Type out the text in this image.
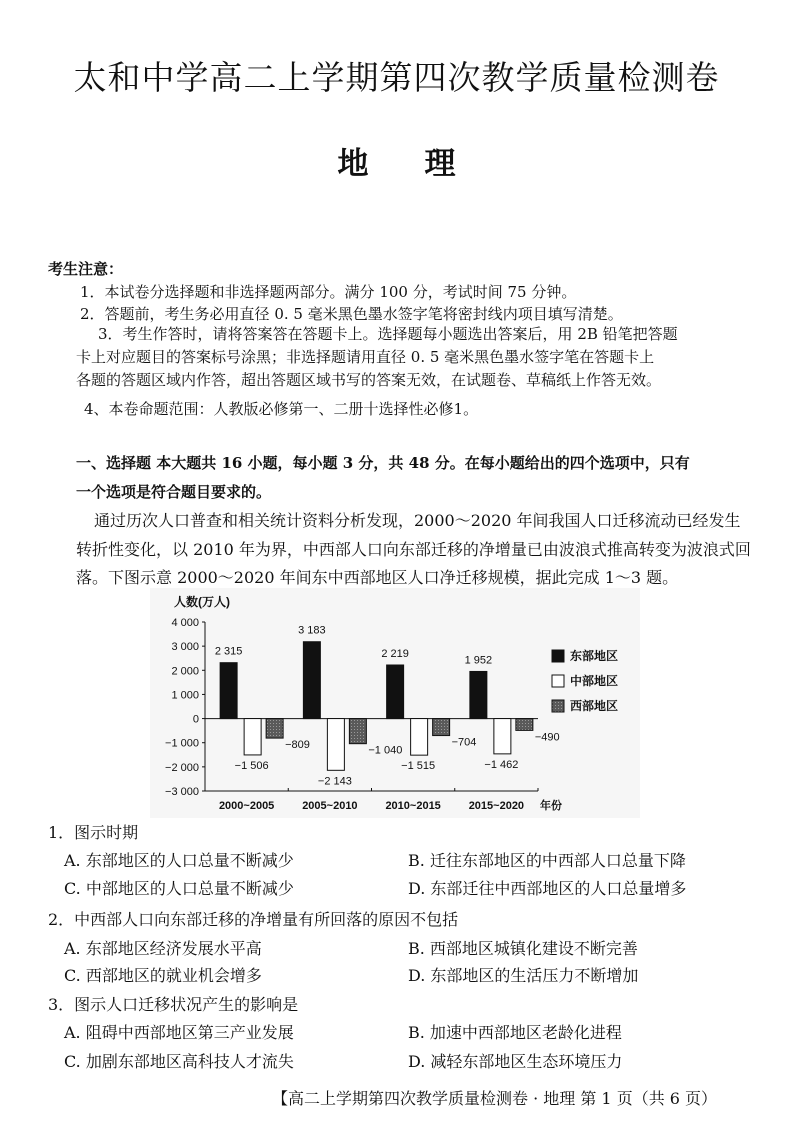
太和中学高二上学期第四次教学质量检测卷
地 理
考生注意：
1．本试卷分选择题和非选择题两部分。满分 100 分，考试时间 75 分钟。
2．答题前，考生务必用直径 0. 5 毫米黑色墨水签字笔将密封线内项目填写清楚。
3．考生作答时，请将答案答在答题卡上。选择题每小题选出答案后，用 2B 铅笔把答题
卡上对应题目的答案标号涂黑；非选择题请用直径 0. 5 毫米黑色墨水签字笔在答题卡上
各题的答题区域内作答，超出答题区域书写的答案无效，在试题卷、草稿纸上作答无效。
4、本卷命题范围：人教版必修第一、二册十选择性必修1。
一、选择题 本大题共 16 小题，每小题 3 分，共 48 分。在每小题给出的四个选项中，只有
一个选项是符合题目要求的。
通过历次人口普查和相关统计资料分析发现，2000～2020 年间我国人口迁移流动已经发生
转折性变化，以 2010 年为界，中西部人口向东部迁移的净增量已由波浪式推高转变为波浪式回
落。下图示意 2000～2020 年间东中西部地区人口净迁移规模，据此完成 1～3 题。
4 000
3 000
2 000
1 000
0
−1 000
−2 000
−3 000
人数(万人)
年份
2000~2005
2 315
−1 506
−809
2005~2010
3 183
−2 143
−1 040
2010~2015
2 219
−1 515
−704
2015~2020
1 952
−1 462
−490
东部地区
中部地区
西部地区
1．图示时期
A. 东部地区的人口总量不断减少	B. 迁往东部地区的中西部人口总量下降
C. 中部地区的人口总量不断减少	D. 东部迁往中西部地区的人口总量增多
2．中西部人口向东部迁移的净增量有所回落的原因不包括
A. 东部地区经济发展水平高	B. 西部地区城镇化建设不断完善
C. 西部地区的就业机会增多	D. 东部地区的生活压力不断增加
3．图示人口迁移状况产生的影响是
A. 阻碍中西部地区第三产业发展	B. 加速中西部地区老龄化进程
C. 加剧东部地区高科技人才流失	D. 减轻东部地区生态环境压力
【高二上学期第四次教学质量检测卷 · 地理 第 1 页（共 6 页）
